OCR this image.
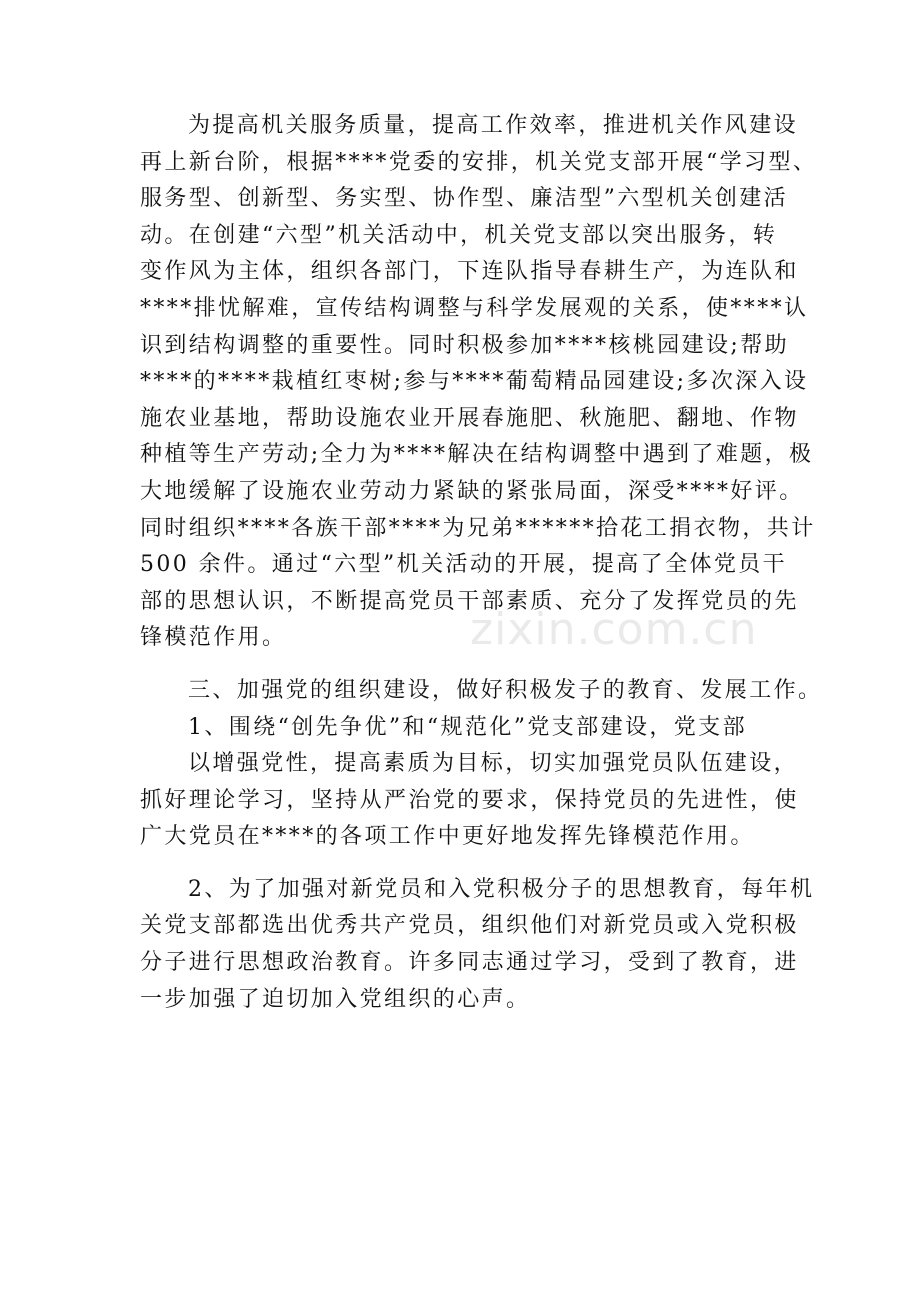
为提高机关服务质量，提高工作效率，推进机关作风建设
再上新台阶，根据****党委的安排，机关党支部开展“学习型、
服务型、创新型、务实型、协作型、廉洁型”六型机关创建活
动。在创建“六型”机关活动中，机关党支部以突出服务，转
变作风为主体，组织各部门，下连队指导春耕生产，为连队和
****排忧解难，宣传结构调整与科学发展观的关系，使****认
识到结构调整的重要性。同时积极参加****核桃园建设;帮助
****的****栽植红枣树;参与****葡萄精品园建设;多次深入设
施农业基地，帮助设施农业开展春施肥、秋施肥、翻地、作物
种植等生产劳动;全力为****解决在结构调整中遇到了难题，极
大地缓解了设施农业劳动力紧缺的紧张局面，深受****好评。
同时组织****各族干部****为兄弟******拾花工捐衣物，共计
500 余件。通过“六型”机关活动的开展，提高了全体党员干
部的思想认识，不断提高党员干部素质、充分了发挥党员的先
锋模范作用。
三、加强党的组织建设，做好积极发子的教育、发展工作。
1、围绕“创先争优”和“规范化”党支部建设，党支部
以增强党性，提高素质为目标，切实加强党员队伍建设，
抓好理论学习，坚持从严治党的要求，保持党员的先进性，使
广大党员在****的各项工作中更好地发挥先锋模范作用。
2、为了加强对新党员和入党积极分子的思想教育，每年机
关党支部都选出优秀共产党员，组织他们对新党员或入党积极
分子进行思想政治教育。许多同志通过学习，受到了教育，进
一步加强了迫切加入党组织的心声。
zixin.com.cn
